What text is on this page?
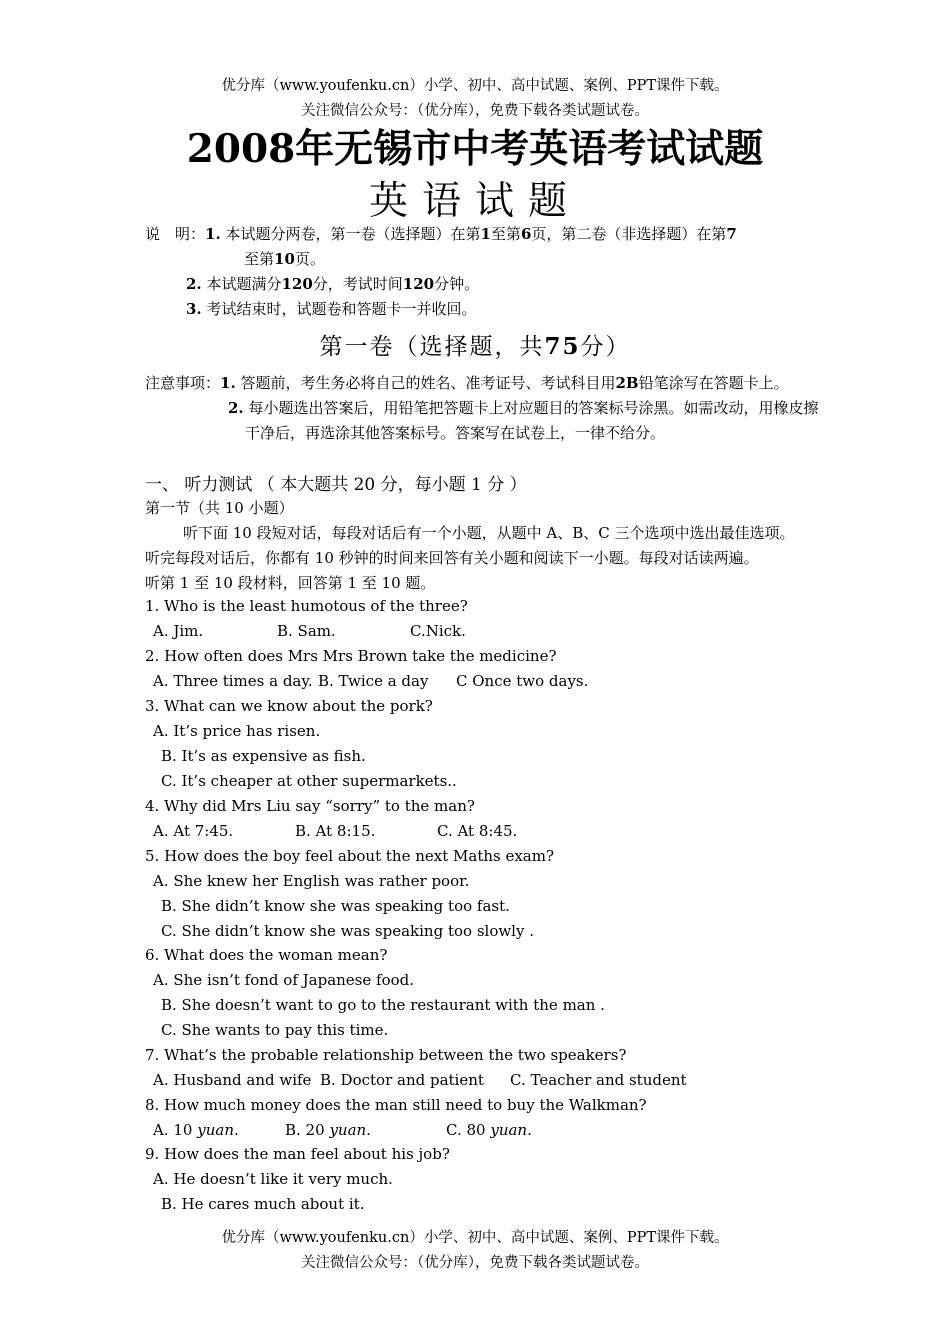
优分库（www.youfenku.cn）小学、初中、高中试题、案例、PPT课件下载。
关注微信公众号：（优分库），免费下载各类试题试卷。
2008年无锡市中考英语考试试题
英语试题
说　明：1. 本试题分两卷，第一卷（选择题）在第1至第6页，第二卷（非选择题）在第7
至第10页。
2. 本试题满分120分，考试时间120分钟。
3. 考试结束时，试题卷和答题卡一并收回。
第一卷（选择题，共75分）
注意事项：1. 答题前，考生务必将自己的姓名、准考证号、考试科目用2B铅笔涂写在答题卡上。
2. 每小题选出答案后，用铅笔把答题卡上对应题目的答案标号涂黑。如需改动，用橡皮擦
干净后，再选涂其他答案标号。答案写在试卷上，一律不给分。
一、 听力测试 （ 本大题共 20 分，每小题 1 分 ）
第一节（共 10 小题）
听下面 10 段短对话，每段对话后有一个小题，从题中 A、B、C 三个选项中选出最佳选项。
听完每段对话后，你都有 10 秒钟的时间来回答有关小题和阅读下一小题。每段对话读两遍。
听第 1 至 10 段材料，回答第 1 至 10 题。
1. Who is the least humotous of the three?
A. Jim.	B. Sam.	C.Nick.
2. How often does Mrs Mrs Brown take the medicine?
A. Three times a day. B. Twice a day C Once two days.
3. What can we know about the pork?
A. It’s price has risen.
B. It’s as expensive as fish.
C. It’s cheaper at other supermarkets..
4. Why did Mrs Liu say “sorry” to the man?
A. At 7:45.	B. At 8:15.	C. At 8:45.
5. How does the boy feel about the next Maths exam?
A. She knew her English was rather poor.
B. She didn’t know she was speaking too fast.
C. She didn’t know she was speaking too slowly .
6. What does the woman mean?
A. She isn’t fond of Japanese food.
B. She doesn’t want to go to the restaurant with the man .
C. She wants to pay this time.
7. What’s the probable relationship between the two speakers?
A. Husband and wife B. Doctor and patient C. Teacher and student
8. How much money does the man still need to buy the Walkman?
A. 10 yuan.	B. 20 yuan.	C. 80 yuan.
9. How does the man feel about his job?
A. He doesn’t like it very much.
B. He cares much about it.
优分库（www.youfenku.cn）小学、初中、高中试题、案例、PPT课件下载。
关注微信公众号：（优分库），免费下载各类试题试卷。
